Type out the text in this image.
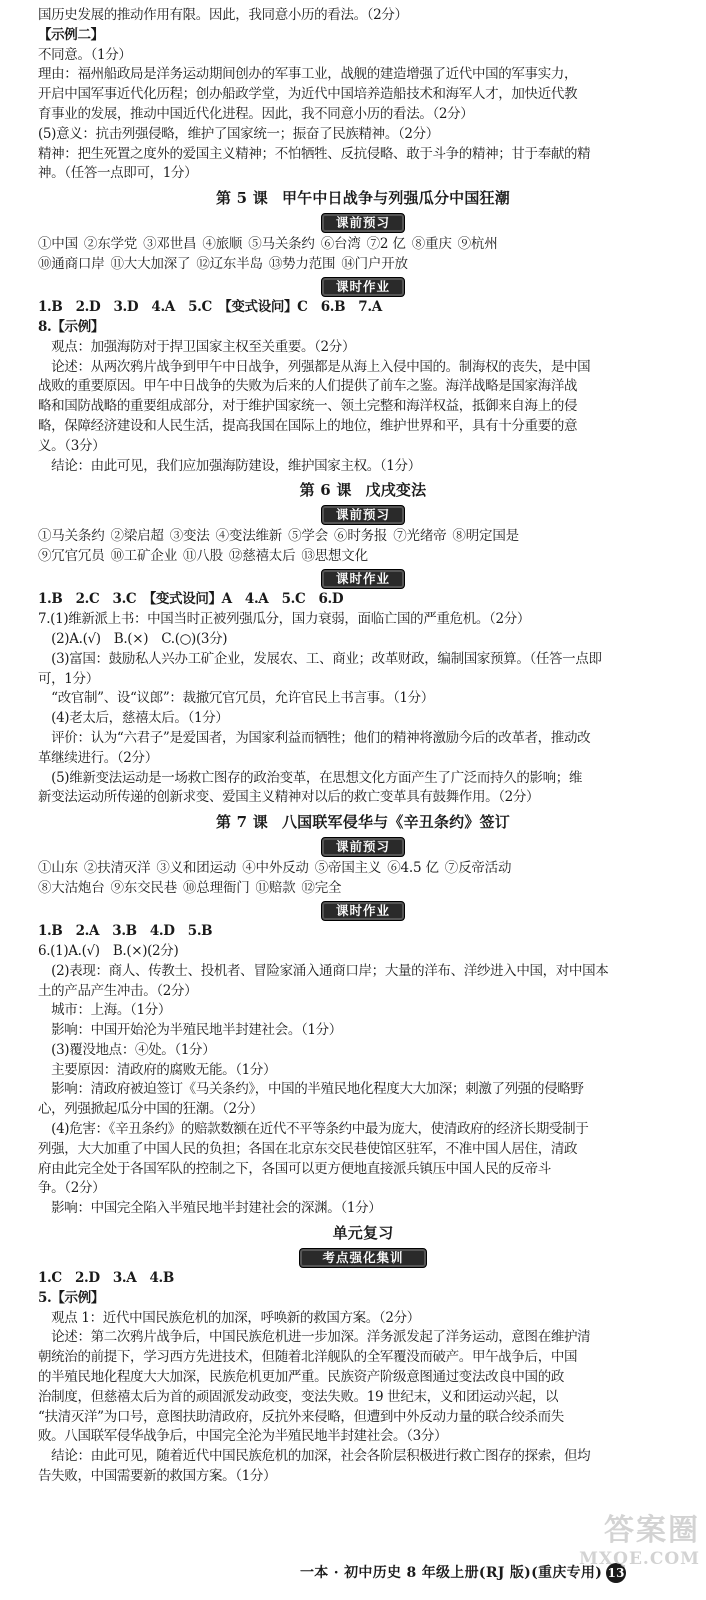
国历史发展的推动作用有限。因此，我同意小历的看法。（2分）
【示例二】
不同意。（1分）
理由：福州船政局是洋务运动期间创办的军事工业，战舰的建造增强了近代中国的军事实力，
开启中国军事近代化历程；创办船政学堂，为近代中国培养造船技术和海军人才，加快近代教
育事业的发展，推动中国近代化进程。因此，我不同意小历的看法。（2分）
(5)意义：抗击列强侵略，维护了国家统一；振奋了民族精神。（2分）
精神：把生死置之度外的爱国主义精神；不怕牺牲、反抗侵略、敢于斗争的精神；甘于奉献的精
神。（任答一点即可，1分）
第 5 课 甲午中日战争与列强瓜分中国狂潮
课前预习
①中国 ②东学党 ③邓世昌 ④旅顺 ⑤马关条约 ⑥台湾 ⑦2 亿 ⑧重庆 ⑨杭州
⑩通商口岸 ⑪大大加深了 ⑫辽东半岛 ⑬势力范围 ⑭门户开放
课时作业
1.B　2.D　3.D　4.A　5.C　【变式设问】C　6.B　7.A
8.【示例】
　观点：加强海防对于捍卫国家主权至关重要。（2分）
　论述：从两次鸦片战争到甲午中日战争，列强都是从海上入侵中国的。制海权的丧失，是中国
战败的重要原因。甲午中日战争的失败为后来的人们提供了前车之鉴。海洋战略是国家海洋战
略和国防战略的重要组成部分，对于维护国家统一、领土完整和海洋权益，抵御来自海上的侵
略，保障经济建设和人民生活，提高我国在国际上的地位，维护世界和平，具有十分重要的意
义。（3分）
　结论：由此可见，我们应加强海防建设，维护国家主权。（1分）
第 6 课 戊戌变法
课前预习
①马关条约 ②梁启超 ③变法 ④变法维新 ⑤学会 ⑥时务报 ⑦光绪帝 ⑧明定国是
⑨冗官冗员 ⑩工矿企业 ⑪八股 ⑫慈禧太后 ⑬思想文化
课时作业
1.B　2.C　3.C　【变式设问】A　4.A　5.C　6.D
7.(1)维新派上书：中国当时正被列强瓜分，国力衰弱，面临亡国的严重危机。（2分）
　(2)A.(√)　B.(×)　C.(○)(3分)
　(3)富国：鼓励私人兴办工矿企业，发展农、工、商业；改革财政，编制国家预算。（任答一点即
可，1分）
　“改官制”、设“议郎”：裁撤冗官冗员，允许官民上书言事。（1分）
　(4)老太后，慈禧太后。（1分）
　评价：认为“六君子”是爱国者，为国家利益而牺牲；他们的精神将激励今后的改革者，推动改
革继续进行。（2分）
　(5)维新变法运动是一场救亡图存的政治变革，在思想文化方面产生了广泛而持久的影响；维
新变法运动所传递的创新求变、爱国主义精神对以后的救亡变革具有鼓舞作用。（2分）
第 7 课 八国联军侵华与《辛丑条约》签订
课前预习
①山东 ②扶清灭洋 ③义和团运动 ④中外反动 ⑤帝国主义 ⑥4.5 亿 ⑦反帝活动
⑧大沽炮台 ⑨东交民巷 ⑩总理衙门 ⑪赔款 ⑫完全
课时作业
1.B　2.A　3.B　4.D　5.B
6.(1)A.(√)　B.(×)(2分)
　(2)表现：商人、传教士、投机者、冒险家涌入通商口岸；大量的洋布、洋纱进入中国，对中国本
土的产品产生冲击。（2分）
　城市：上海。（1分）
　影响：中国开始沦为半殖民地半封建社会。（1分）
　(3)覆没地点：④处。（1分）
　主要原因：清政府的腐败无能。（1分）
　影响：清政府被迫签订《马关条约》，中国的半殖民地化程度大大加深；刺激了列强的侵略野
心，列强掀起瓜分中国的狂潮。（2分）
　(4)危害：《辛丑条约》的赔款数额在近代不平等条约中最为庞大，使清政府的经济长期受制于
列强，大大加重了中国人民的负担；各国在北京东交民巷使馆区驻军，不准中国人居住，清政
府由此完全处于各国军队的控制之下，各国可以更方便地直接派兵镇压中国人民的反帝斗
争。（2分）
　影响：中国完全陷入半殖民地半封建社会的深渊。（1分）
单元复习
考点强化集训
1.C　2.D　3.A　4.B
5.【示例】
　观点 1：近代中国民族危机的加深，呼唤新的救国方案。（2分）
　论述：第二次鸦片战争后，中国民族危机进一步加深。洋务派发起了洋务运动，意图在维护清
朝统治的前提下，学习西方先进技术，但随着北洋舰队的全军覆没而破产。甲午战争后，中国
的半殖民地化程度大大加深，民族危机更加严重。民族资产阶级意图通过变法改良中国的政
治制度，但慈禧太后为首的顽固派发动政变，变法失败。19 世纪末，义和团运动兴起，以
“扶清灭洋”为口号，意图扶助清政府，反抗外来侵略，但遭到中外反动力量的联合绞杀而失
败。八国联军侵华战争后，中国完全沦为半殖民地半封建社会。（3分）
　结论：由此可见，随着近代中国民族危机的加深，社会各阶层积极进行救亡图存的探索，但均
告失败，中国需要新的救国方案。（1分）
一本 · 初中历史 8 年级上册(RJ 版)(重庆专用) 13
答案圈
MXQE.COM
